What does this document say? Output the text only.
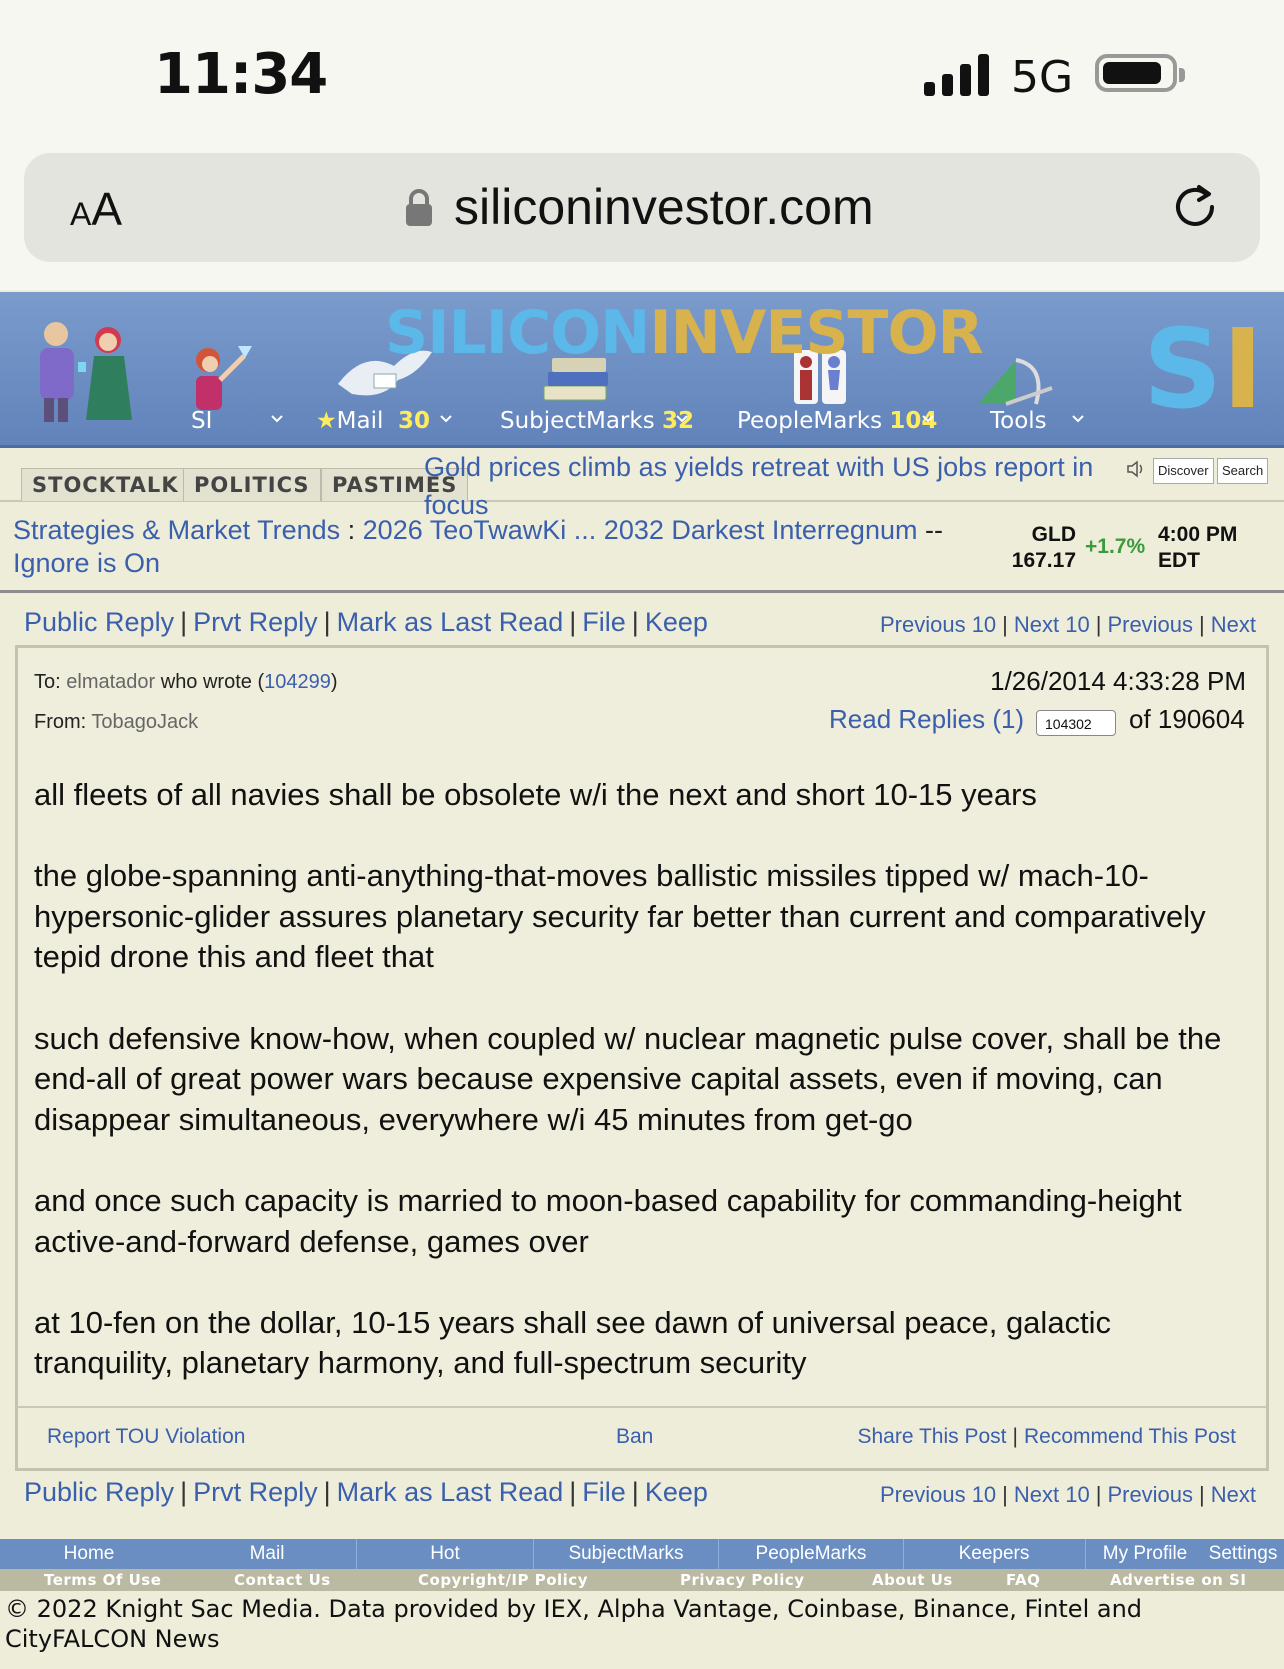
11:34	5G
AA	siliconinvestor.com
SILICONINVESTOR SI
SI	★Mail 30	SubjectMarks 32 PeopleMarks 104 Tools
STOCKTALK POLITICS	PASTIMES
Gold prices climb as yields retreat with US jobs report in focus
Discover	Search
Strategies & Market Trends : 2026 TeoTwawKi ... 2032 Darkest Interregnum --
Ignore is On
GLD
167.17
+1.7%
4:00 PM
EDT
Public Reply | Prvt Reply | Mark as Last Read | File | Keep	Previous 10 | Next 10 | Previous | Next
To: elmatador who wrote (104299)
From: TobagoJack
1/26/2014 4:33:28 PM
Read Replies (1)	104302	of 190604

all fleets of all navies shall be obsolete w/i the next and short 10-15 years

the globe-spanning anti-anything-that-moves ballistic missiles tipped w/ mach-10-hypersonic-glider assures planetary security far better than current and comparatively tepid drone this and fleet that

such defensive know-how, when coupled w/ nuclear magnetic pulse cover, shall be the end-all of great power wars because expensive capital assets, even if moving, can disappear simultaneous, everywhere w/i 45 minutes from get-go

and once such capacity is married to moon-based capability for commanding-height active-and-forward defense, games over

at 10-fen on the dollar, 10-15 years shall see dawn of universal peace, galactic tranquility, planetary harmony, and full-spectrum security

Report TOU Violation	Ban	Share This Post | Recommend This Post
Public Reply | Prvt Reply | Mark as Last Read | File | Keep	Previous 10 | Next 10 | Previous | Next
Home	Mail	Hot	SubjectMarks	PeopleMarks	Keepers	My Profile Settings
Terms Of Use	Contact Us	Copyright/IP Policy	Privacy Policy	About Us	FAQ	Advertise on SI
© 2022 Knight Sac Media. Data provided by IEX, Alpha Vantage, Coinbase, Binance, Fintel and CityFALCON News
